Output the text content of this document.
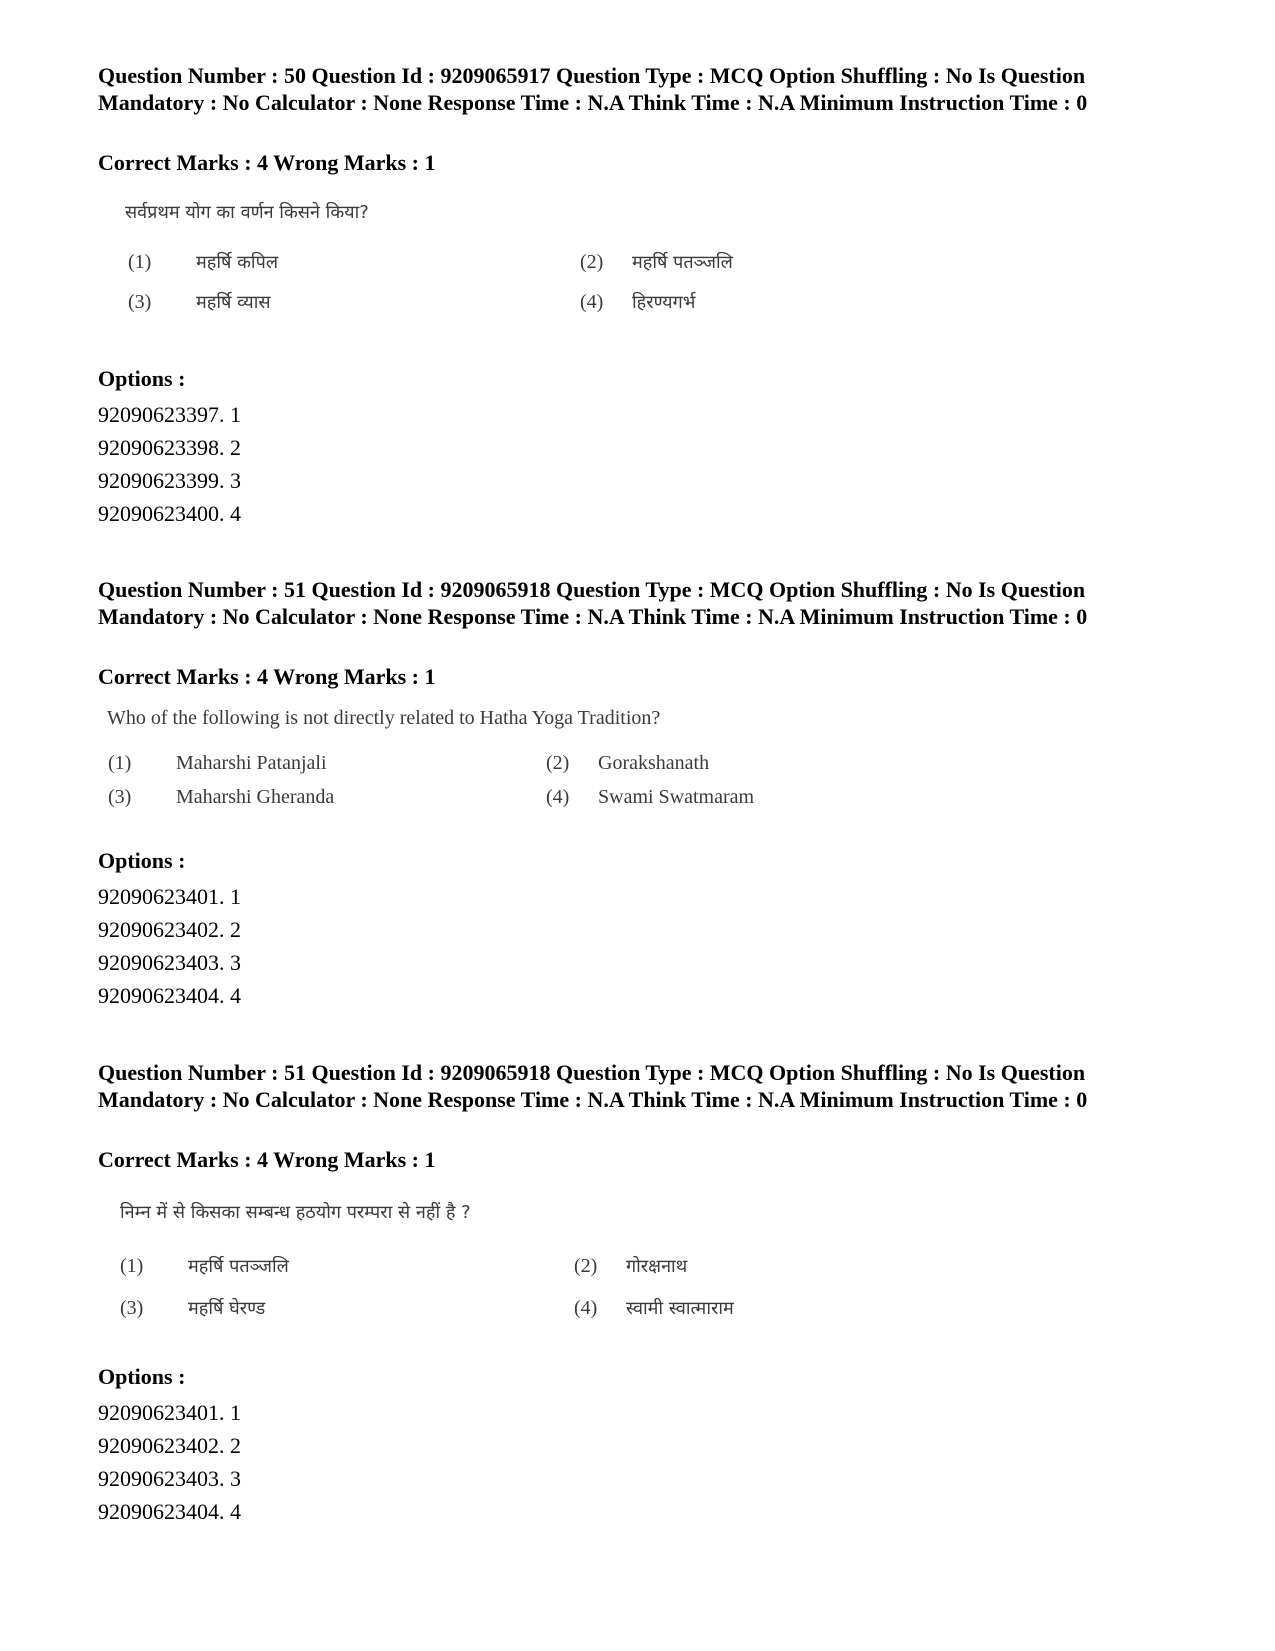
Question Number : 50 Question Id : 9209065917 Question Type : MCQ Option Shuffling : No Is Question Mandatory : No Calculator : None Response Time : N.A Think Time : N.A Minimum Instruction Time : 0
Correct Marks : 4 Wrong Marks : 1
सर्वप्रथम योग का वर्णन किसने किया?
(1) महर्षि कपिल	(2) महर्षि पतञ्जलि
(3) महर्षि व्यास	(4) हिरण्यगर्भ
Options :
92090623397. 1
92090623398. 2
92090623399. 3
92090623400. 4
Question Number : 51 Question Id : 9209065918 Question Type : MCQ Option Shuffling : No Is Question Mandatory : No Calculator : None Response Time : N.A Think Time : N.A Minimum Instruction Time : 0
Correct Marks : 4 Wrong Marks : 1
Who of the following is not directly related to Hatha Yoga Tradition?
(1) Maharshi Patanjali	(2) Gorakshanath
(3) Maharshi Gheranda	(4) Swami Swatmaram
Options :
92090623401. 1
92090623402. 2
92090623403. 3
92090623404. 4
Question Number : 51 Question Id : 9209065918 Question Type : MCQ Option Shuffling : No Is Question Mandatory : No Calculator : None Response Time : N.A Think Time : N.A Minimum Instruction Time : 0
Correct Marks : 4 Wrong Marks : 1
निम्न में से किसका सम्बन्ध हठयोग परम्परा से नहीं है ?
(1) महर्षि पतञ्जलि	(2) गोरक्षनाथ
(3) महर्षि घेरण्ड	(4) स्वामी स्वात्माराम
Options :
92090623401. 1
92090623402. 2
92090623403. 3
92090623404. 4
